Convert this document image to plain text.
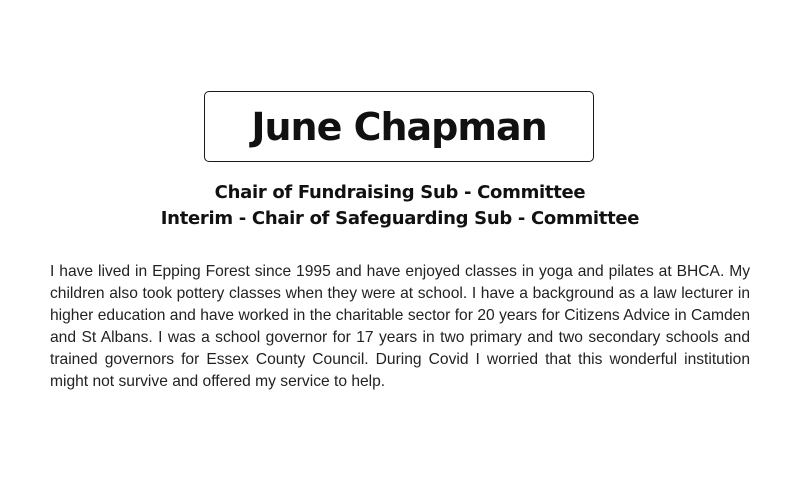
June Chapman
Chair of Fundraising Sub - Committee
Interim - Chair of Safeguarding Sub - Committee

I have lived in Epping Forest since 1995 and have enjoyed classes in yoga and pilates at BHCA. My children also took pottery classes when they were at school. I have a background as a law lecturer in higher education and have worked in the charitable sector for 20 years for Citizens Advice in Camden and St Albans. I was a school governor for 17 years in two primary and two secondary schools and trained governors for Essex County Council. During Covid I worried that this wonderful institution might not survive and offered my service to help.
